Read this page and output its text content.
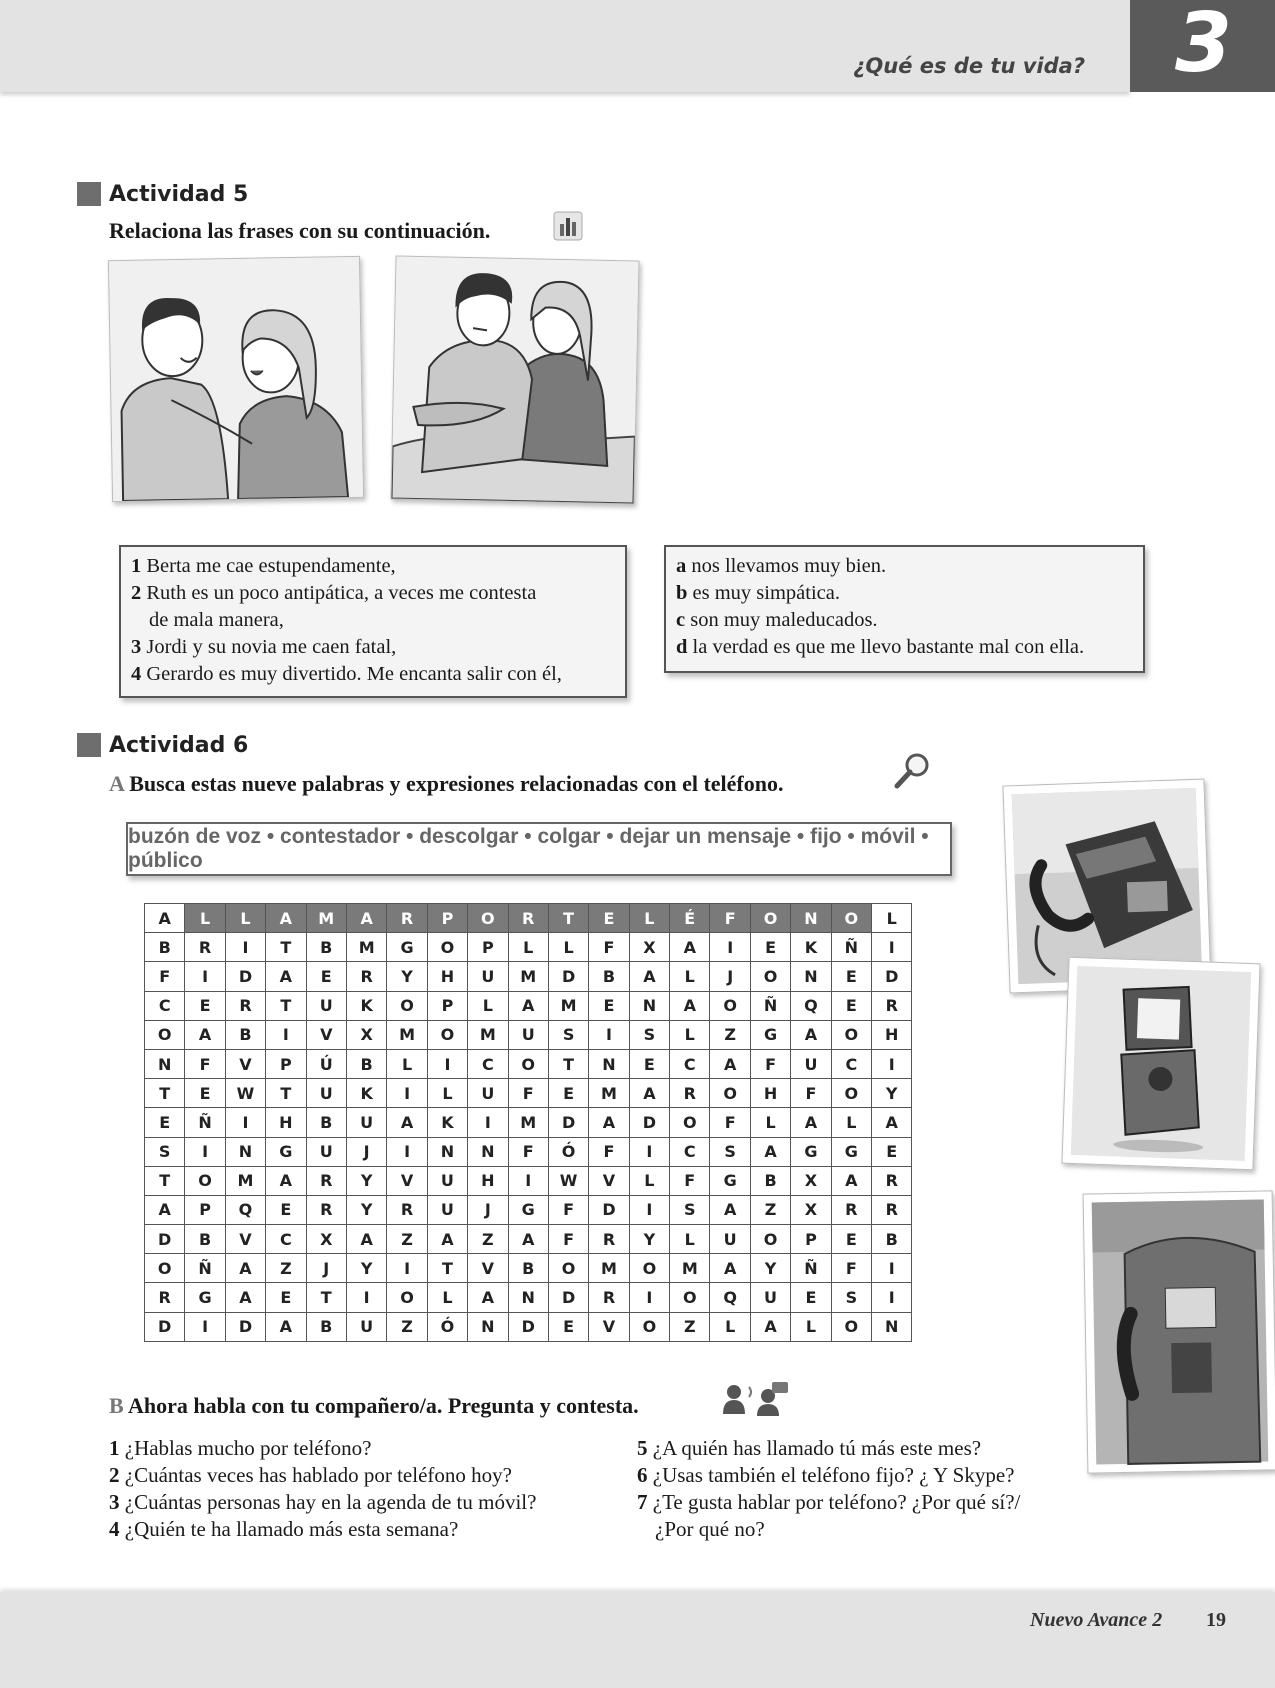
¿Qué es de tu vida?	3
Actividad 5
Relaciona las frases con su continuación.
1 Berta me cae estupendamente,
2 Ruth es un poco antipática, a veces me contesta
de mala manera,
3 Jordi y su novia me caen fatal,
4 Gerardo es muy divertido. Me encanta salir con él,
a nos llevamos muy bien.
b es muy simpática.
c son muy maleducados.
d la verdad es que me llevo bastante mal con ella.
Actividad 6
A Busca estas nueve palabras y expresiones relacionadas con el teléfono.
buzón de voz • contestador • descolgar • colgar • dejar un mensaje • fijo • móvil • público
A	L	L	A	M	A	R	P	O	R	T	E	L	É	F	O	N	O	L
B	R	I	T	B	M	G	O	P	L	L	F	X	A	I	E	K	Ñ	I
F	I	D	A	E	R	Y	H	U	M	D	B	A	L	J	O	N	E	D
C	E	R	T	U	K	O	P	L	A	M	E	N	A	O	Ñ	Q	E	R
O	A	B	I	V	X	M	O	M	U	S	I	S	L	Z	G	A	O	H
N	F	V	P	Ú	B	L	I	C	O	T	N	E	C	A	F	U	C	I
T	E	W	T	U	K	I	L	U	F	E	M	A	R	O	H	F	O	Y
E	Ñ	I	H	B	U	A	K	I	M	D	A	D	O	F	L	A	L	A
S	I	N	G	U	J	I	N	N	F	Ó	F	I	C	S	A	G	G	E
T	O	M	A	R	Y	V	U	H	I	W	V	L	F	G	B	X	A	R
A	P	Q	E	R	Y	R	U	J	G	F	D	I	S	A	Z	X	R	R
D	B	V	C	X	A	Z	A	Z	A	F	R	Y	L	U	O	P	E	B
O	Ñ	A	Z	J	Y	I	T	V	B	O	M	O	M	A	Y	Ñ	F	I
R	G	A	E	T	I	O	L	A	N	D	R	I	O	Q	U	E	S	I
D	I	D	A	B	U	Z	Ó	N	D	E	V	O	Z	L	A	L	O	N
B Ahora habla con tu compañero/a. Pregunta y contesta.
1 ¿Hablas mucho por teléfono?
2 ¿Cuántas veces has hablado por teléfono hoy?
3 ¿Cuántas personas hay en la agenda de tu móvil?
4 ¿Quién te ha llamado más esta semana?
5 ¿A quién has llamado tú más este mes?
6 ¿Usas también el teléfono fijo? ¿ Y Skype?
7 ¿Te gusta hablar por teléfono? ¿Por qué sí?/
¿Por qué no?
Nuevo Avance 2 19
